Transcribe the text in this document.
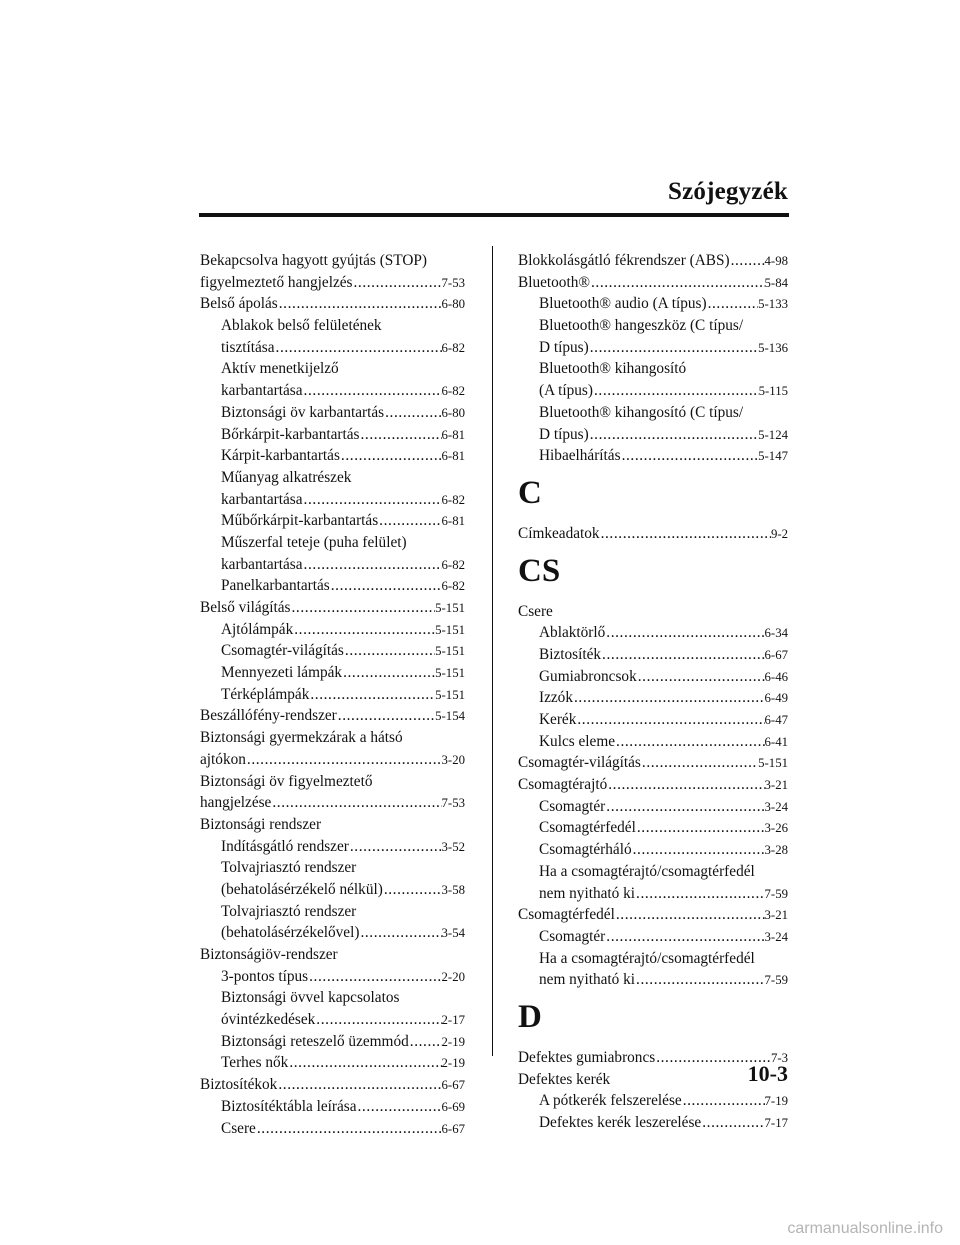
Szójegyzék
Bekapcsolva hagyott gyújtás (STOP)
figyelmeztető hangjelzés .....	7-53
Belső ápolás .....	6-80
Ablakok belső felületének
tisztítása .....	6-82
Aktív menetkijelző
karbantartása .....	6-82
Biztonsági öv karbantartás .....	6-80
Bőrkárpit-karbantartás .....	6-81
Kárpit-karbantartás .....	6-81
Műanyag alkatrészek
karbantartása .....	6-82
Műbőrkárpit-karbantartás .....	6-81
Műszerfal teteje (puha felület)
karbantartása .....	6-82
Panelkarbantartás .....	6-82
Belső világítás .....	5-151
Ajtólámpák .....	5-151
Csomagtér-világítás .....	5-151
Mennyezeti lámpák .....	5-151
Térképlámpák .....	5-151
Beszállófény-rendszer .....	5-154
Biztonsági gyermekzárak a hátsó
ajtókon .....	3-20
Biztonsági öv figyelmeztető
hangjelzése .....	7-53
Biztonsági rendszer
Indításgátló rendszer .....	3-52
Tolvajriasztó rendszer
(behatolásérzékelő nélkül) .....	3-58
Tolvajriasztó rendszer
(behatolásérzékelővel) .....	3-54
Biztonságiöv-rendszer
3-pontos típus .....	2-20
Biztonsági övvel kapcsolatos
óvintézkedések .....	2-17
Biztonsági reteszelő üzemmód .....	2-19
Terhes nők .....	2-19
Biztosítékok .....	6-67
Biztosítéktábla leírása .....	6-69
Csere .....	6-67
Blokkolásgátló fékrendszer (ABS) .....	4-98
Bluetooth® .....	5-84
Bluetooth® audio (A típus) .....	5-133
Bluetooth® hangeszköz (C típus/
D típus) .....	5-136
Bluetooth® kihangosító
(A típus) .....	5-115
Bluetooth® kihangosító (C típus/
D típus) .....	5-124
Hibaelhárítás .....	5-147
C
Címkeadatok .....	9-2
CS
Csere
Ablaktörlő .....	6-34
Biztosíték .....	6-67
Gumiabroncsok .....	6-46
Izzók .....	6-49
Kerék .....	6-47
Kulcs eleme .....	6-41
Csomagtér-világítás .....	5-151
Csomagtérajtó .....	3-21
Csomagtér .....	3-24
Csomagtérfedél .....	3-26
Csomagtérháló .....	3-28
Ha a csomagtérajtó/csomagtérfedél
nem nyitható ki .....	7-59
Csomagtérfedél .....	3-21
Csomagtér .....	3-24
Ha a csomagtérajtó/csomagtérfedél
nem nyitható ki .....	7-59
D
Defektes gumiabroncs .....	7-3
Defektes kerék
A pótkerék felszerelése .....	7-19
Defektes kerék leszerelése .....	7-17
10-3
carmanualsonline.info
